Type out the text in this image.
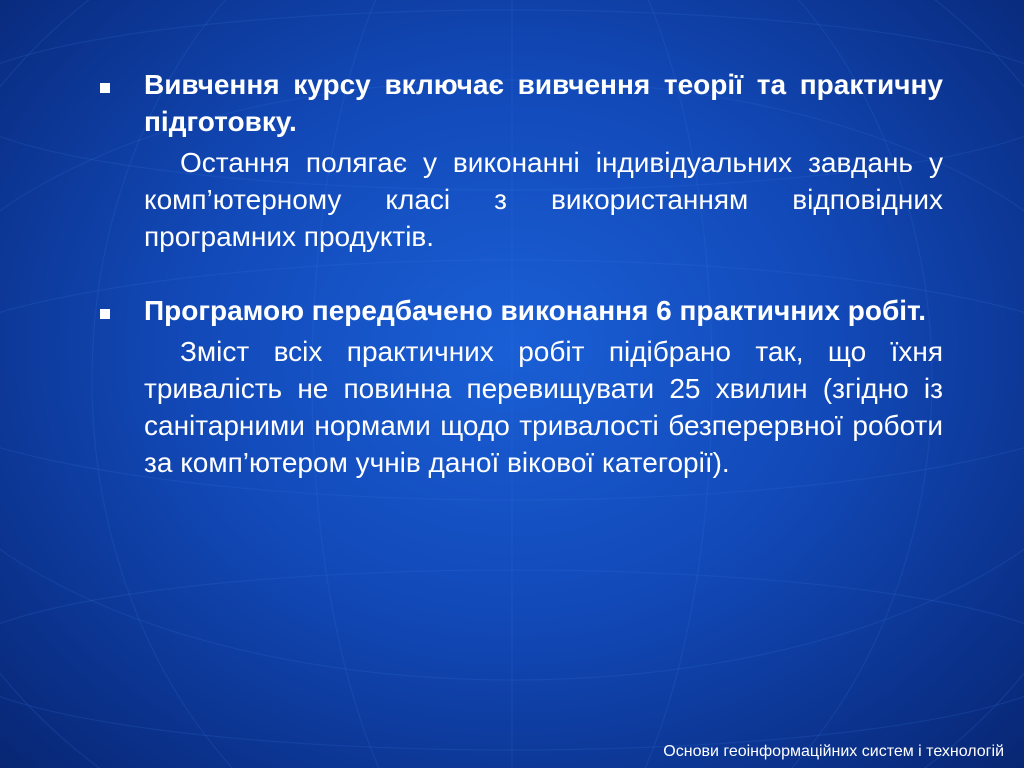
Вивчення курсу включає вивчення теорії та практичну підготовку.

Остання полягає у виконанні індивідуальних завдань у комп’ютерному класі з використанням відповідних програмних продуктів.

Програмою передбачено виконання 6 практичних робіт.

Зміст всіх практичних робіт підібрано так, що їхня тривалість не повинна перевищувати 25 хвилин (згідно із санітарними нормами щодо тривалості безперервної роботи за комп’ютером учнів даної вікової категорії).

Основи геоінформаційних систем і технологій
